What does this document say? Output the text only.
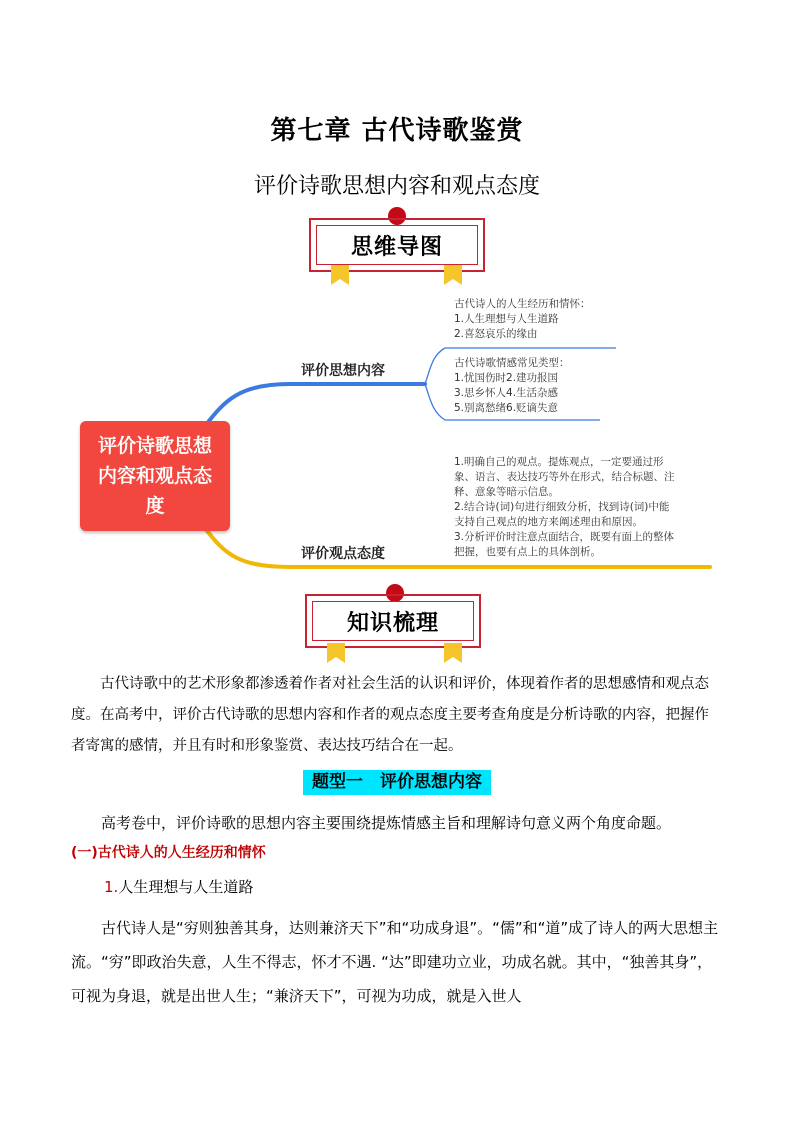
第七章 古代诗歌鉴赏
评价诗歌思想内容和观点态度
思维导图
评价诗歌思想内容和观点态度
评价思想内容
评价观点态度
古代诗人的人生经历和情怀：
1.人生理想与人生道路
2.喜怒哀乐的缘由
古代诗歌情感常见类型：
1.忧国伤时2.建功报国
3.思乡怀人4.生活杂感
5.别离愁绪6.贬谪失意
1.明确自己的观点。提炼观点，一定要通过形
象、语言、表达技巧等外在形式，结合标题、注
释、意象等暗示信息。
2.结合诗(词)句进行细致分析，找到诗(词)中能
支持自己观点的地方来阐述理由和原因。
3.分析评价时注意点面结合，既要有面上的整体
把握，也要有点上的具体剖析。
知识梳理
古代诗歌中的艺术形象都渗透着作者对社会生活的认识和评价，体现着作者的思想感情和观点态度。在高考中，评价古代诗歌的思想内容和作者的观点态度主要考查角度是分析诗歌的内容，把握作者寄寓的感情，并且有时和形象鉴赏、表达技巧结合在一起。
题型一　评价思想内容
高考卷中，评价诗歌的思想内容主要围绕提炼情感主旨和理解诗句意义两个角度命题。
(一)古代诗人的人生经历和情怀
1.人生理想与人生道路
古代诗人是“穷则独善其身，达则兼济天下”和“功成身退”。“儒”和“道”成了诗人的两大思想主流。“穷”即政治失意，人生不得志，怀才不遇. “达”即建功立业，功成名就。其中，“独善其身”，可视为身退，就是出世人生；“兼济天下”，可视为功成，就是入世人
